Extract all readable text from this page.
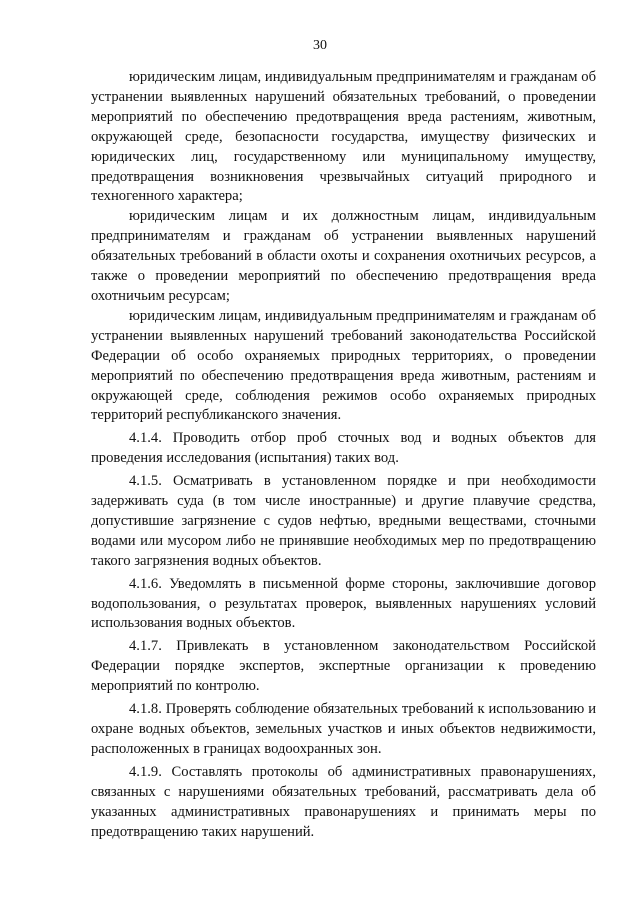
30

юридическим лицам, индивидуальным предпринимателям и гражданам об устранении выявленных нарушений обязательных требований, о проведении мероприятий по обеспечению предотвращения вреда растениям, животным, окружающей среде, безопасности государства, имуществу физических и юридических лиц, государственному или муниципальному имуществу, предотвращения возникновения чрезвычайных ситуаций природного и техногенного характера;

юридическим лицам и их должностным лицам, индивидуальным предпринимателям и гражданам об устранении выявленных нарушений обязательных требований в области охоты и сохранения охотничьих ресурсов, а также о проведении мероприятий по обеспечению предотвращения вреда охотничьим ресурсам;

юридическим лицам, индивидуальным предпринимателям и гражданам об устранении выявленных нарушений требований законодательства Российской Федерации об особо охраняемых природных территориях, о проведении мероприятий по обеспечению предотвращения вреда животным, растениям и окружающей среде, соблюдения режимов особо охраняемых природных территорий республиканского значения.

4.1.4. Проводить отбор проб сточных вод и водных объектов для проведения исследования (испытания) таких вод.

4.1.5. Осматривать в установленном порядке и при необходимости задерживать суда (в том числе иностранные) и другие плавучие средства, допустившие загрязнение с судов нефтью, вредными веществами, сточными водами или мусором либо не принявшие необходимых мер по предотвращению такого загрязнения водных объектов.

4.1.6. Уведомлять в письменной форме стороны, заключившие договор водопользования, о результатах проверок, выявленных нарушениях условий использования водных объектов.

4.1.7. Привлекать в установленном законодательством Российской Федерации порядке экспертов, экспертные организации к проведению мероприятий по контролю.

4.1.8. Проверять соблюдение обязательных требований к использованию и охране водных объектов, земельных участков и иных объектов недвижимости, расположенных в границах водоохранных зон.

4.1.9. Составлять протоколы об административных правонарушениях, связанных с нарушениями обязательных требований, рассматривать дела об указанных административных правонарушениях и принимать меры по предотвращению таких нарушений.
